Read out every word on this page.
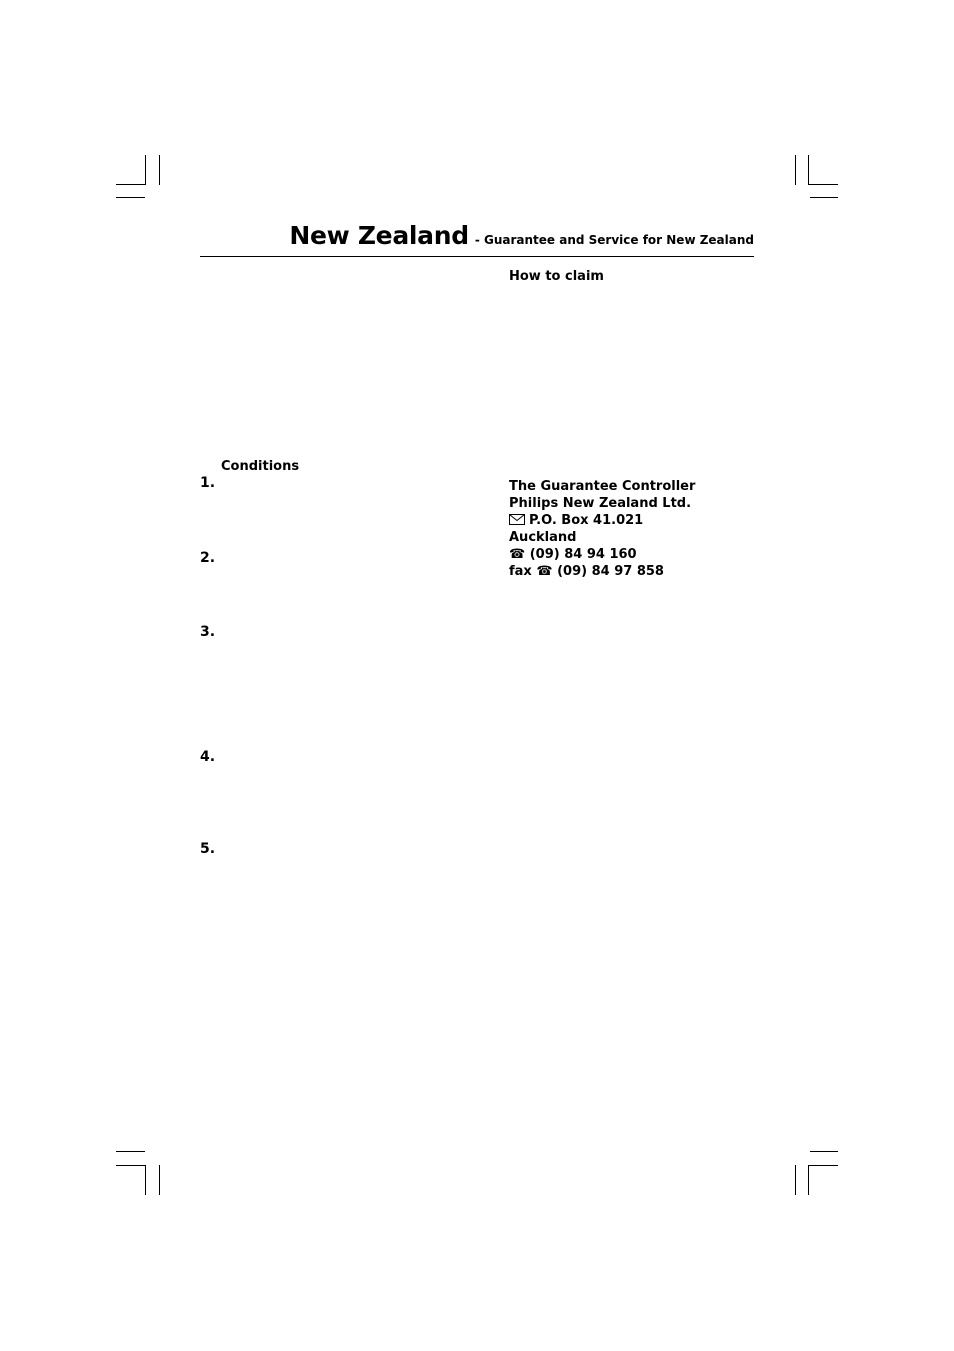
New Zealand - Guarantee and Service for New Zealand
How to claim
Conditions
1.
2.
3.
4.
5.
The Guarantee Controller
Philips New Zealand Ltd.
P.O. Box 41.021
Auckland
☎ (09) 84 94 160
fax ☎ (09) 84 97 858
